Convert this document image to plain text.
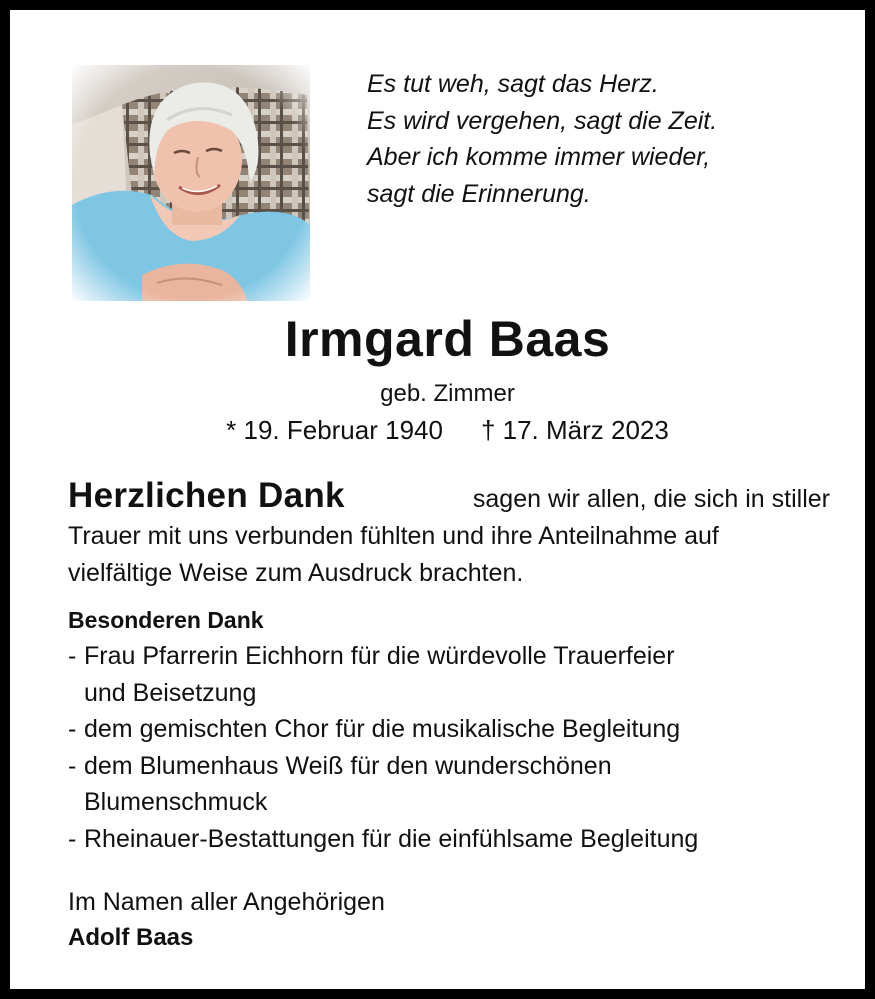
Es tut weh, sagt das Herz.
Es wird vergehen, sagt die Zeit.
Aber ich komme immer wieder,
sagt die Erinnerung.
Irmgard Baas
geb. Zimmer
* 19. Februar 1940 † 17. März 2023
Herzlichen Dank	sagen wir allen, die sich in stiller
Trauer mit uns verbunden fühlten und ihre Anteilnahme auf
vielfältige Weise zum Ausdruck brachten.
Besonderen Dank
- Frau Pfarrerin Eichhorn für die würdevolle Trauerfeier
und Beisetzung
- dem gemischten Chor für die musikalische Begleitung
- dem Blumenhaus Weiß für den wunderschönen
Blumenschmuck
- Rheinauer-Bestattungen für die einfühlsame Begleitung
Im Namen aller Angehörigen
Adolf Baas
